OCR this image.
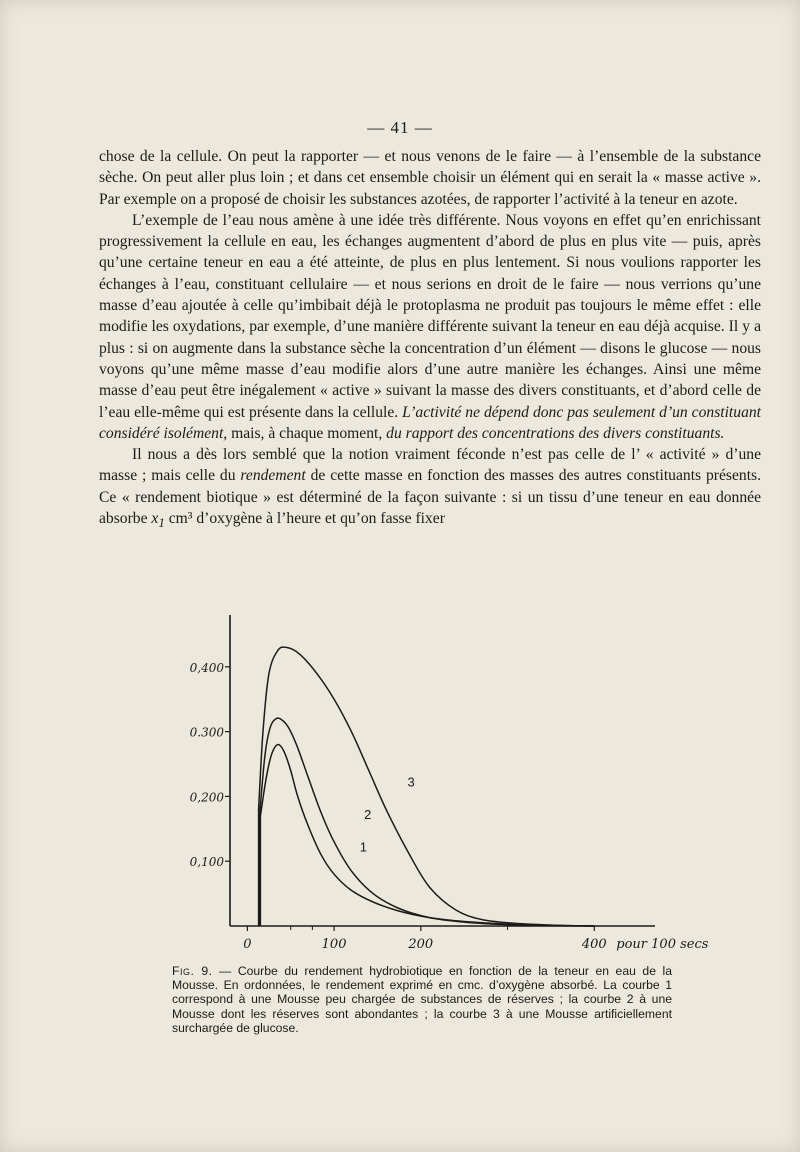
— 41 —

chose de la cellule. On peut la rapporter — et nous venons de le faire — à l’ensemble de la substance sèche. On peut aller plus loin ; et dans cet ensemble choisir un élément qui en serait la « masse active ». Par exemple on a proposé de choisir les substances azotées, de rapporter l’activité à la teneur en azote.

L’exemple de l’eau nous amène à une idée très différente. Nous voyons en effet qu’en enrichissant progressivement la cellule en eau, les échanges augmentent d’abord de plus en plus vite — puis, après qu’une certaine teneur en eau a été atteinte, de plus en plus lentement. Si nous voulions rapporter les échanges à l’eau, constituant cellulaire — et nous serions en droit de le faire — nous verrions qu’une masse d’eau ajoutée à celle qu’imbibait déjà le protoplasma ne produit pas toujours le même effet : elle modifie les oxydations, par exemple, d’une manière différente suivant la teneur en eau déjà acquise. Il y a plus : si on augmente dans la substance sèche la concentration d’un élément — disons le glucose — nous voyons qu’une même masse d’eau modifie alors d’une autre manière les échanges. Ainsi une même masse d’eau peut être inégalement « active » suivant la masse des divers constituants, et d’abord celle de l’eau elle-même qui est présente dans la cellule. L’activité ne dépend donc pas seulement d’un constituant considéré isolément, mais, à chaque moment, du rapport des concentrations des divers constituants.

Il nous a dès lors semblé que la notion vraiment féconde n’est pas celle de l’ « activité » d’une masse ; mais celle du rendement de cette masse en fonction des masses des autres constituants présents. Ce « rendement biotique » est déterminé de la façon suivante : si un tissu d’une teneur en eau donnée absorbe $x_1$ cm³ d’oxygène à l’heure et qu’on fasse fixer

0,100
0,200
0.300
0,400
0	100	200	400 pour 100 secs
1
2
3
Fig. 9. — Courbe du rendement hydrobiotique en fonction de la teneur en eau de la Mousse. En ordonnées, le rendement exprimé en cmc. d’oxygène absorbé. La courbe 1 correspond à une Mousse peu chargée de substances de réserves ; la courbe 2 à une Mousse dont les réserves sont abondantes ; la courbe 3 à une Mousse artificiellement surchargée de glucose.
